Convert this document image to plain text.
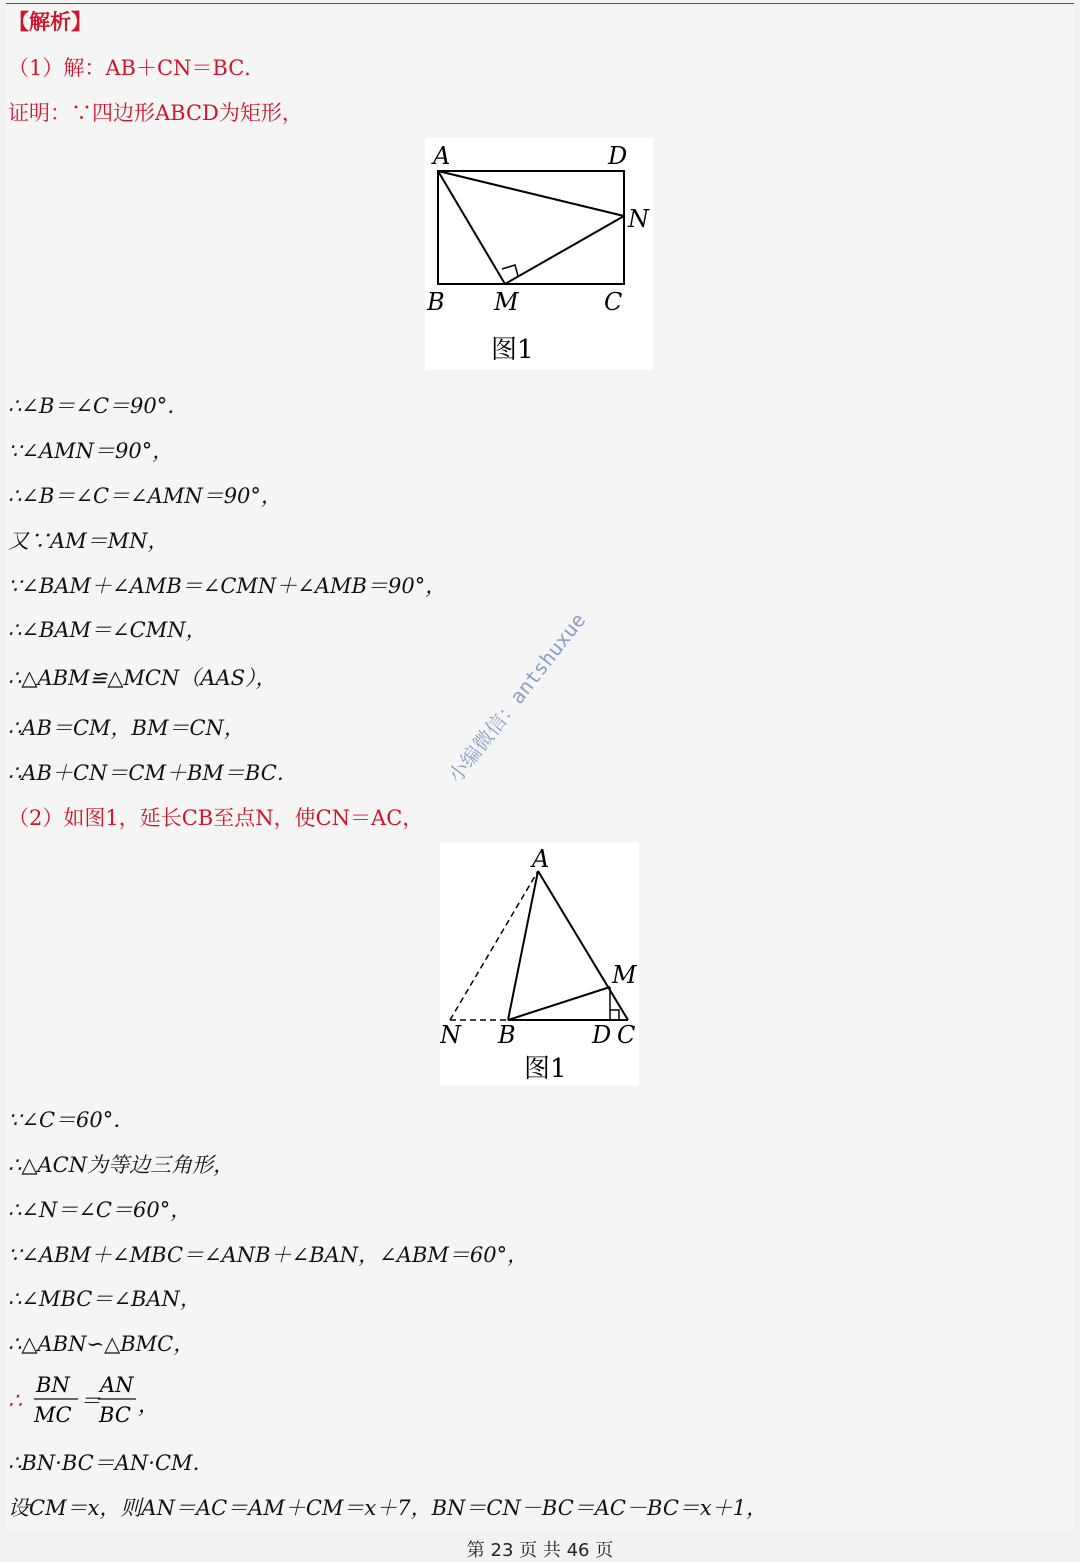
【解析】
（1）解：AB＋CN＝BC．
证明：∵四边形ABCD为矩形，
A	D
N
B M	C
图1
∴∠B＝∠C＝90°．
∵∠AMN＝90°，
∴∠B＝∠C＝∠AMN＝90°，
又∵AM＝MN，
∵∠BAM＋∠AMB＝∠CMN＋∠AMB＝90°，
∴∠BAM＝∠CMN，
∴△ABM≌△MCN（AAS），
∴AB＝CM，BM＝CN，
∴AB＋CN＝CM＋BM＝BC．
（2）如图1，延长CB至点N，使CN＝AC，
小编微信：antshuxue
A
M
N B	D C
图1
∵∠C＝60°．
∴△ACN为等边三角形，
∴∠N＝∠C＝60°，
∵∠ABM＋∠MBC＝∠ANB＋∠BAN，∠ABM＝60°，
∴∠MBC＝∠BAN，
∴△ABN∽△BMC，
∴
BN
MC
＝
AN
BC ，
∴BN·BC＝AN·CM．
设CM＝x，则AN＝AC＝AM＋CM＝x＋7，BN＝CN－BC＝AC－BC＝x＋1，
第 23 页 共 46 页
